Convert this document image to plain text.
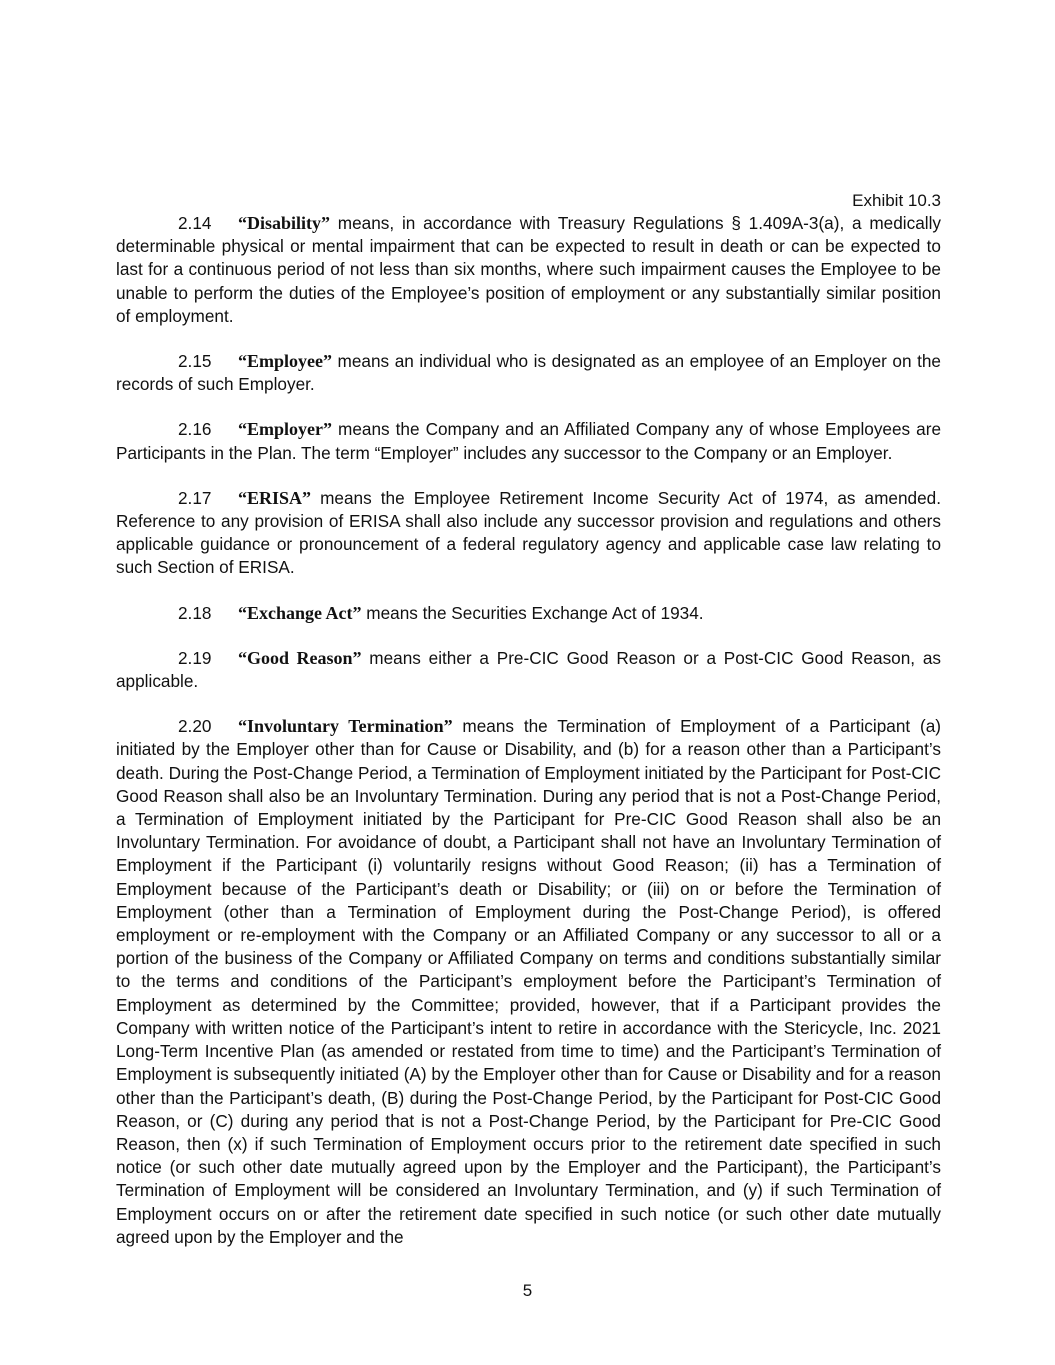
Exhibit 10.3

2.14 “Disability” means, in accordance with Treasury Regulations § 1.409A-3(a), a medically determinable physical or mental impairment that can be expected to result in death or can be expected to last for a continuous period of not less than six months, where such impairment causes the Employee to be unable to perform the duties of the Employee’s position of employment or any substantially similar position of employment.

2.15 “Employee” means an individual who is designated as an employee of an Employer on the records of such Employer.

2.16 “Employer” means the Company and an Affiliated Company any of whose Employees are Participants in the Plan. The term “Employer” includes any successor to the Company or an Employer.

2.17 “ERISA” means the Employee Retirement Income Security Act of 1974, as amended. Reference to any provision of ERISA shall also include any successor provision and regulations and others applicable guidance or pronouncement of a federal regulatory agency and applicable case law relating to such Section of ERISA.

2.18 “Exchange Act” means the Securities Exchange Act of 1934.

2.19 “Good Reason” means either a Pre-CIC Good Reason or a Post-CIC Good Reason, as applicable.

2.20 “Involuntary Termination” means the Termination of Employment of a Participant (a) initiated by the Employer other than for Cause or Disability, and (b) for a reason other than a Participant’s death. During the Post-Change Period, a Termination of Employment initiated by the Participant for Post-CIC Good Reason shall also be an Involuntary Termination. During any period that is not a Post-Change Period, a Termination of Employment initiated by the Participant for Pre-CIC Good Reason shall also be an Involuntary Termination. For avoidance of doubt, a Participant shall not have an Involuntary Termination of Employment if the Participant (i) voluntarily resigns without Good Reason; (ii) has a Termination of Employment because of the Participant’s death or Disability; or (iii) on or before the Termination of Employment (other than a Termination of Employment during the Post-Change Period), is offered employment or re-employment with the Company or an Affiliated Company or any successor to all or a portion of the business of the Company or Affiliated Company on terms and conditions substantially similar to the terms and conditions of the Participant’s employment before the Participant’s Termination of Employment as determined by the Committee; provided, however, that if a Participant provides the Company with written notice of the Participant’s intent to retire in accordance with the Stericycle, Inc. 2021 Long-Term Incentive Plan (as amended or restated from time to time) and the Participant’s Termination of Employment is subsequently initiated (A) by the Employer other than for Cause or Disability and for a reason other than the Participant’s death, (B) during the Post-Change Period, by the Participant for Post-CIC Good Reason, or (C) during any period that is not a Post-Change Period, by the Participant for Pre-CIC Good Reason, then (x) if such Termination of Employment occurs prior to the retirement date specified in such notice (or such other date mutually agreed upon by the Employer and the Participant), the Participant’s Termination of Employment will be considered an Involuntary Termination, and (y) if such Termination of Employment occurs on or after the retirement date specified in such notice (or such other date mutually agreed upon by the Employer and the

5
